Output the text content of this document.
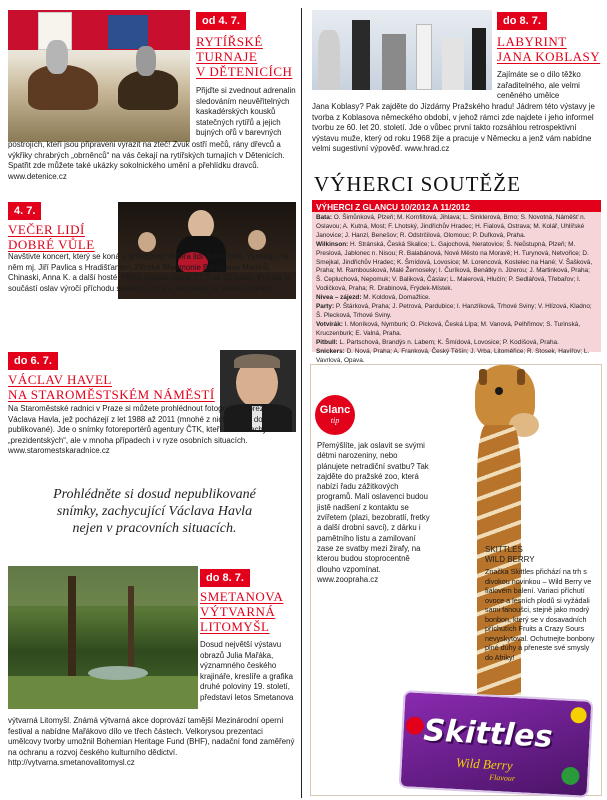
od 4. 7.
RYTÍŘSKÉ
TURNAJE
V DĚTENICÍCH
Přijďte si zvednout adrenalin sledováním neuvěřitelných kaskadérských kousků statečných rytířů a jejich bujných ořů v barevných
postrojích, kteří jsou připraveni vyrazit na zteč! Zvuk ostří mečů, rány dřevců a výkřiky chrabrých „obrněnců“ na vás čekají na rytířských turnajích v Dětenicích. Spatřit zde můžete také ukázky sokolnického umění a přehlídku dravců. www.detenice.cz
4. 7.
VEČER LIDÍ
DOBRÉ VŮLE
Navštivte koncert, který se koná u příležitosti Večera lidí dobré vůle. Vystoupí na něm mj. Jiří Pavlica s Hradišťanem, Zlínská filharmonie Bohuslava Martinů, Chinaski, Anna K. a další hosté. Přímý přenos vysílá ČT 2 ve 20 hodin. Projekt je součástí oslav výročí příchodu svatého Cyrila a Metoděje na Velkou Moravu.
do 6. 7.
VÁCLAV HAVEL
NA STAROMĚSTSKÉM NÁMĚSTÍ
Na Staroměstské radnici v Praze si můžete prohlédnout fotografie exprezidenta Václava Havla, jež pocházejí z let 1988 až 2011 (mnohé z nich nebyly dosud publikované). Jde o snímky fotoreportérů agentury ČTK, kteří Havla zachytili v „prezidentských“, ale v mnoha případech i v ryze osobních situacích. www.staromestskaradnice.cz
Prohlédněte si dosud nepublikované
snímky, zachycující Václava Havla
nejen v pracovních situacích.
do 8. 7.
SMETANOVA
VÝTVARNÁ
LITOMYŠL
Dosud největší výstavu obrazů Julia Mařáka, významného českého krajináře, kreslíře a grafika druhé poloviny 19. století, představí letos Smetanova
výtvarná Litomyšl. Známá výtvarná akce doprovází tamější Mezinárodní operní festival a nabídne Mařákovo dílo ve třech částech. Velkorysou prezentaci umělcovy tvorby umožnil Bohemian Heritage Fund (BHF), nadační fond zaměřený na ochranu a rozvoj českého kulturního dědictví. http://vytvarna.smetanovalitomysl.cz
do 8. 7.
LABYRINT
JANA KOBLASY
Zajímáte se o dílo těžko zařaditelného, ale velmi ceněného umělce
Jana Koblasy? Pak zajděte do Jízdárny Pražského hradu! Jádrem této výstavy je tvorba z Koblasova německého období, v jehož rámci zde najdete i jeho informel tvorbu ze 60. let 20. století. Jde o vůbec první takto rozsáhlou retrospektivní výstavu muže, který od roku 1968 žije a pracuje v Německu a jenž vám nabídne velmi sugestivní výpověď. www.hrad.cz
VÝHERCI SOUTĚŽE
VÝHERCI Z GLANCU 10/2012 A 11/2012
Bata: O. Šimůnková, Plzeň; M. Kornfiltová, Jihlava; L. Sinklerová, Brno; S. Novotná, Náměšť n. Oslavou; A. Kutná, Most; F. Lhotský, Jindřichův Hradec; H. Fialová, Ostrava; M. Kolář, Uhlířské Janovice; J. Hanzl, Benešov; R. Odstrčilová, Olomouc; P. Dufková, Praha.
Wilkinson: H. Stránská, Česká Skalice; L. Gajochová, Neratovice; Š. Neůstupná, Plzeň; M. Preslová, Jablonec n. Nisou; R. Balabánová, Nové Město na Moravě; H. Turynová, Netvořice; D. Smejkal, Jindřichův Hradec; K. Šmídová, Lovosice; M. Lorencová, Kostelec na Hané; V. Šašková, Praha; M. Rambousková, Malé Žernoseky; I. Čuríková, Benátky n. Jizerou; J. Martinková, Praha; Š. Cepluchová, Nepomuk; V. Baliková, Čáslav; L. Maierová, Hlučín; P. Sedlářová, Třebařov; I. Vodičková, Praha; R. Drabinová, Frýdek-Místek.
Nivea – zájezd: M. Koldová, Domažlice.
Party: P. Štárková, Praha; J. Petrová, Pardubice; I. Hanzlíková, Trhové Sviny; V. Hlízová, Kladno; Š. Plecková, Trhové Sviny.
Votvírák: I. Moníková, Nymburk; O. Picková, Česká Lípa; M. Vanová, Pelhřimov; S. Turinská, Kruczenburk; E. Valná, Praha.
Pitbull: L. Partschová, Brandýs n. Labem; K. Šmídová, Lovosice; P. Kodíšová, Praha.
Snickers: D. Nová, Praha; A. Franková, Český Těšín; J. Vrba, Litoměřice; R. Stosek, Havířov; L. Vavrlová, Opava.
Glanc
tip
Přemýšlíte, jak oslavit se svými détmi narozeniny, nebo plánujete netradiční svatbu? Tak zajděte do pražské zoo, která nabízí řadu zážitkových programů. Malí oslavenci budou jistě nadšení z kontaktu se zvířetem (plazi, bezobratlí, fretky a další drobní savci), z dárku i pamětního listu a zamilovaní zase ze svatby mezi žirafy, na kterou budou stoprocentně dlouho vzpomínat.
www.zoopraha.cz
SKITTLES
WILD BERRY
Značka Skittles přichází na trh s divokou novinkou – Wild Berry ve fialovém balení. Variaci příchutí ovoce a lesních plodů si vyžádali sami fanoušci, stejně jako modrý bonbon, který se v dosavadních příchutích Fruits a Crazy Sours nevyskytoval. Ochutnejte bonbony plné duhy a přeneste své smysly do Afriky!
Skittles
Wild Berry
Flavour
